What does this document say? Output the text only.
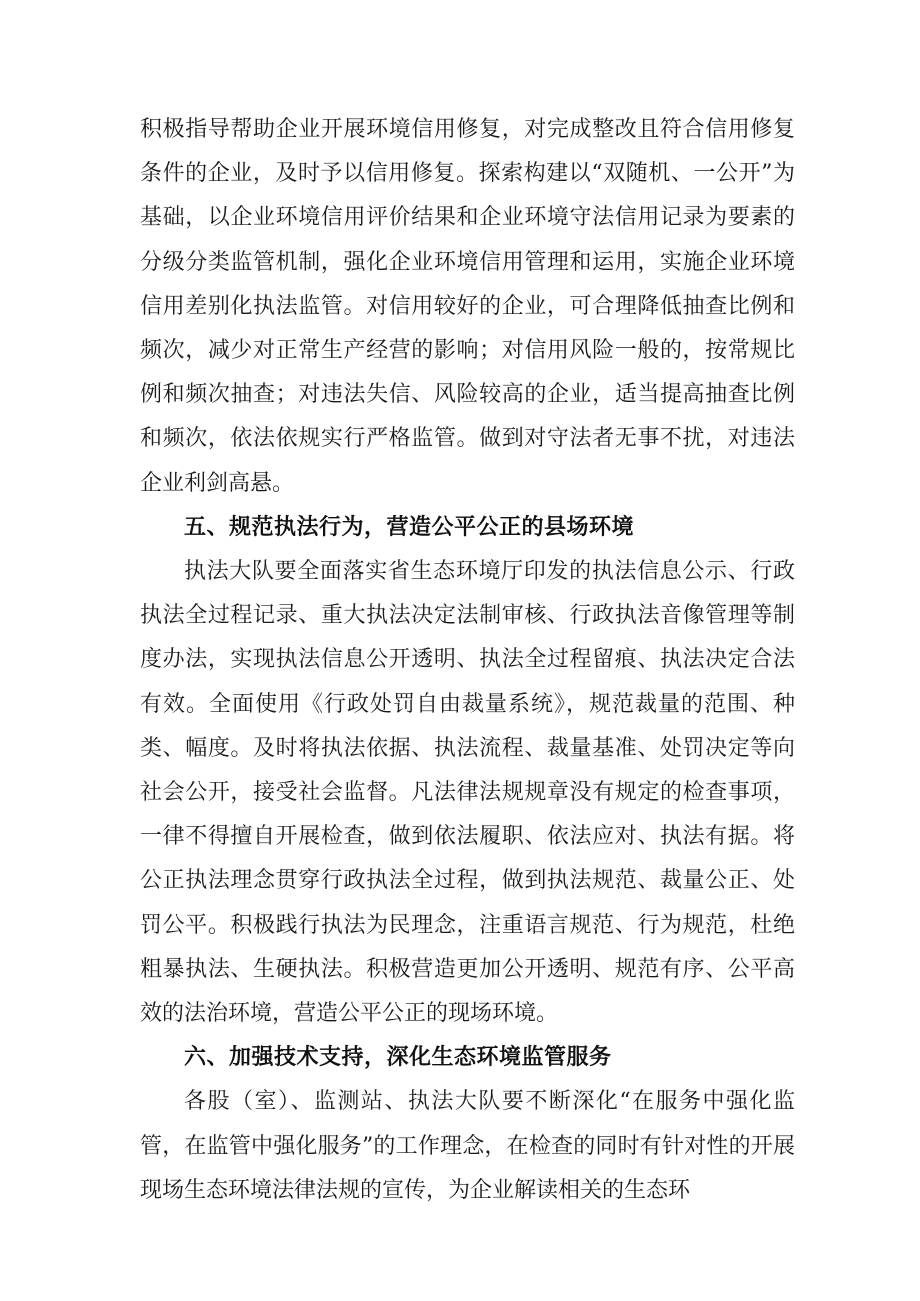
积极指导帮助企业开展环境信用修复，对完成整改且符合信用修复条件的企业，及时予以信用修复。探索构建以“双随机、一公开”为基础，以企业环境信用评价结果和企业环境守法信用记录为要素的分级分类监管机制，强化企业环境信用管理和运用，实施企业环境信用差别化执法监管。对信用较好的企业，可合理降低抽查比例和频次，减少对正常生产经营的影响；对信用风险一般的，按常规比例和频次抽查；对违法失信、风险较高的企业，适当提高抽查比例和频次，依法依规实行严格监管。做到对守法者无事不扰，对违法企业利剑高悬。

五、规范执法行为，营造公平公正的县场环境

执法大队要全面落实省生态环境厅印发的执法信息公示、行政执法全过程记录、重大执法决定法制审核、行政执法音像管理等制度办法，实现执法信息公开透明、执法全过程留痕、执法决定合法有效。全面使用《行政处罚自由裁量系统》，规范裁量的范围、种类、幅度。及时将执法依据、执法流程、裁量基准、处罚决定等向社会公开，接受社会监督。凡法律法规规章没有规定的检查事项，一律不得擅自开展检查，做到依法履职、依法应对、执法有据。将公正执法理念贯穿行政执法全过程，做到执法规范、裁量公正、处罚公平。积极践行执法为民理念，注重语言规范、行为规范，杜绝粗暴执法、生硬执法。积极营造更加公开透明、规范有序、公平高效的法治环境，营造公平公正的现场环境。

六、加强技术支持，深化生态环境监管服务

各股（室）、监测站、执法大队要不断深化“在服务中强化监管，在监管中强化服务”的工作理念，在检查的同时有针对性的开展现场生态环境法律法规的宣传，为企业解读相关的生态环
